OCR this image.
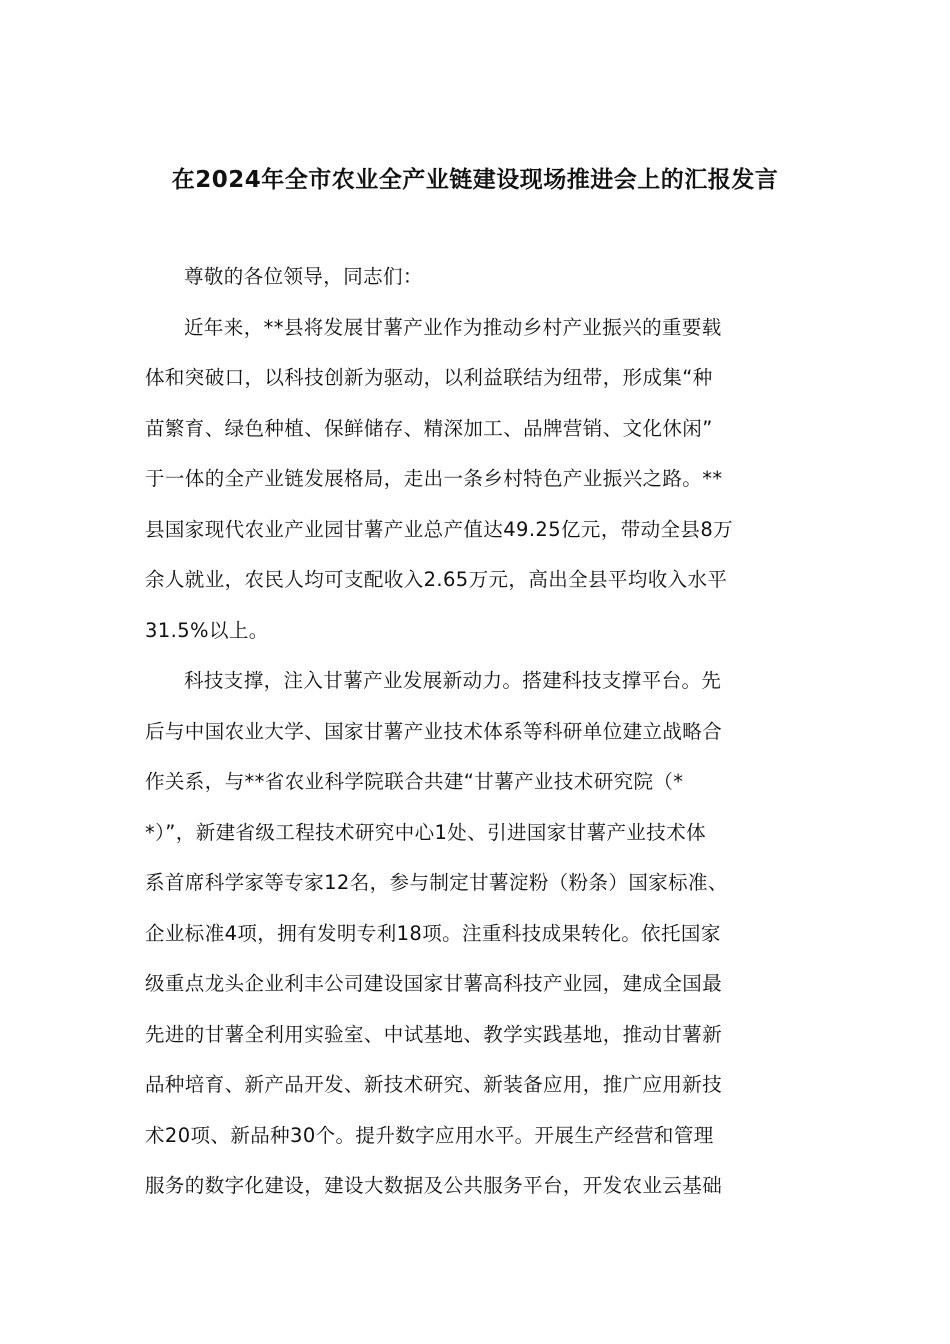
在2024年全市农业全产业链建设现场推进会上的汇报发言

尊敬的各位领导，同志们：

近年来，**县将发展甘薯产业作为推动乡村产业振兴的重要载
体和突破口，以科技创新为驱动，以利益联结为纽带，形成集“种
苗繁育、绿色种植、保鲜储存、精深加工、品牌营销、文化休闲”
于一体的全产业链发展格局，走出一条乡村特色产业振兴之路。**
县国家现代农业产业园甘薯产业总产值达49.25亿元，带动全县8万
余人就业，农民人均可支配收入2.65万元，高出全县平均收入水平
31.5%以上。

科技支撑，注入甘薯产业发展新动力。搭建科技支撑平台。先
后与中国农业大学、国家甘薯产业技术体系等科研单位建立战略合
作关系，与**省农业科学院联合共建“甘薯产业技术研究院（*
*）”，新建省级工程技术研究中心1处、引进国家甘薯产业技术体
系首席科学家等专家12名，参与制定甘薯淀粉（粉条）国家标准、
企业标准4项，拥有发明专利18项。注重科技成果转化。依托国家
级重点龙头企业利丰公司建设国家甘薯高科技产业园，建成全国最
先进的甘薯全利用实验室、中试基地、教学实践基地，推动甘薯新
品种培育、新产品开发、新技术研究、新装备应用，推广应用新技
术20项、新品种30个。提升数字应用水平。开展生产经营和管理
服务的数字化建设，建设大数据及公共服务平台，开发农业云基础
